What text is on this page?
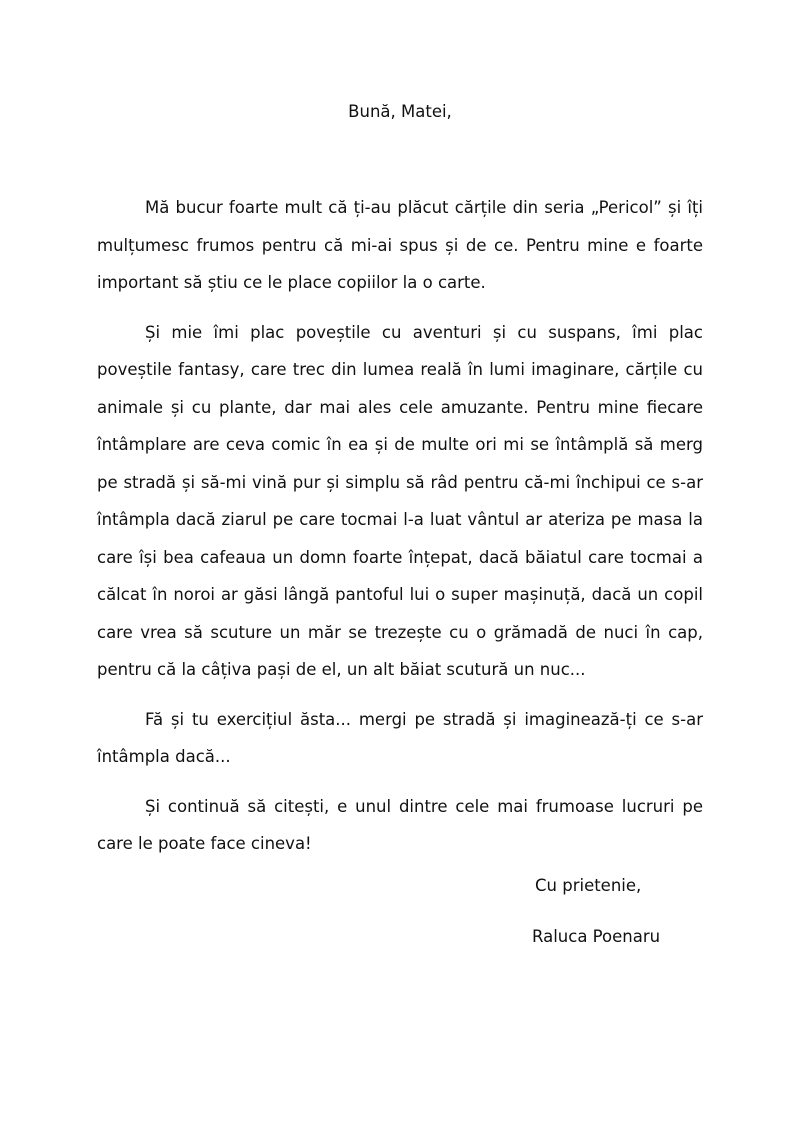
Bună, Matei,

Mă bucur foarte mult că ți-au plăcut cărțile din seria „Pericol” și îți mulțumesc frumos pentru că mi-ai spus și de ce. Pentru mine e foarte important să știu ce le place copiilor la o carte.

Și mie îmi plac poveștile cu aventuri și cu suspans, îmi plac poveștile fantasy, care trec din lumea reală în lumi imaginare, cărțile cu animale și cu plante, dar mai ales cele amuzante. Pentru mine fiecare întâmplare are ceva comic în ea și de multe ori mi se întâmplă să merg pe stradă și să-mi vină pur și simplu să râd pentru că-mi închipui ce s-ar întâmpla dacă ziarul pe care tocmai l-a luat vântul ar ateriza pe masa la care își bea cafeaua un domn foarte înțepat, dacă băiatul care tocmai a călcat în noroi ar găsi lângă pantoful lui o super mașinuță, dacă un copil care vrea să scuture un măr se trezește cu o grămadă de nuci în cap, pentru că la câțiva pași de el, un alt băiat scutură un nuc...

Fă și tu exercițiul ăsta... mergi pe stradă și imaginează-ți ce s-ar întâmpla dacă...

Și continuă să citești, e unul dintre cele mai frumoase lucruri pe care le poate face cineva!

Cu prietenie,

Raluca Poenaru
